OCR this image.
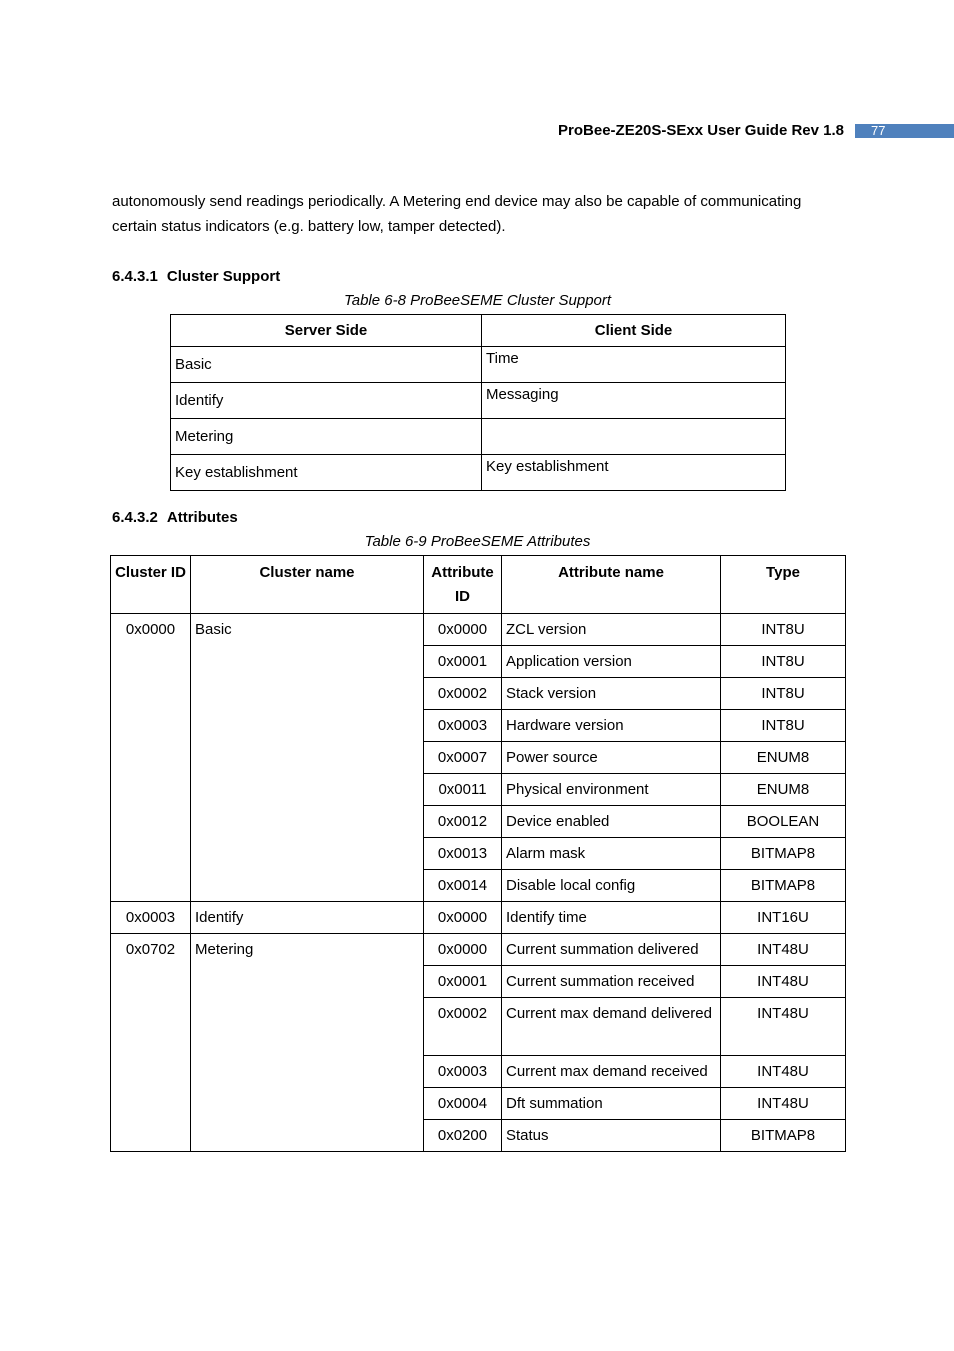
ProBee-ZE20S-SExx User Guide Rev 1.8	77
autonomously send readings periodically. A Metering end device may also be capable of communicating certain status indicators (e.g. battery low, tamper detected).
6.4.3.1 Cluster Support
Table 6-8 ProBeeSEME Cluster Support
Server Side	Client Side
Basic	Time
Identify	Messaging
Metering	
Key establishment	Key establishment
6.4.3.2 Attributes
Table 6-9 ProBeeSEME Attributes
Cluster ID	Cluster name	Attribute ID	Attribute name	Type
0x0000	Basic	0x0000	ZCL version	INT8U
		0x0001	Application version	INT8U
		0x0002	Stack version	INT8U
		0x0003	Hardware version	INT8U
		0x0007	Power source	ENUM8
		0x0011	Physical environment	ENUM8
		0x0012	Device enabled	BOOLEAN
		0x0013	Alarm mask	BITMAP8
		0x0014	Disable local config	BITMAP8
0x0003	Identify	0x0000	Identify time	INT16U
0x0702	Metering	0x0000	Current summation delivered	INT48U
		0x0001	Current summation received	INT48U
		0x0002	Current max demand delivered	INT48U
		0x0003	Current max demand received	INT48U
		0x0004	Dft summation	INT48U
		0x0200	Status	BITMAP8
